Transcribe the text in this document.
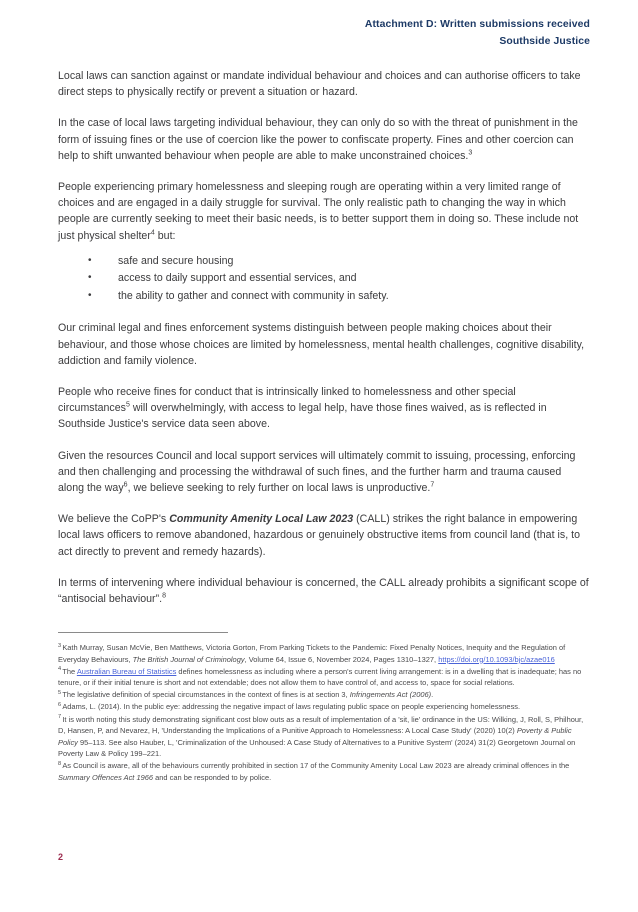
Attachment D: Written submissions received
Southside Justice

Local laws can sanction against or mandate individual behaviour and choices and can authorise officers to take direct steps to physically rectify or prevent a situation or hazard.

In the case of local laws targeting individual behaviour, they can only do so with the threat of punishment in the form of issuing fines or the use of coercion like the power to confiscate property. Fines and other coercion can help to shift unwanted behaviour when people are able to make unconstrained choices.$^3$

People experiencing primary homelessness and sleeping rough are operating within a very limited range of choices and are engaged in a daily struggle for survival. The only realistic path to changing the way in which people are currently seeking to meet their basic needs, is to better support them in doing so. These include not just physical shelter$^4$ but:

• safe and secure housing
• access to daily support and essential services, and
• the ability to gather and connect with community in safety.

Our criminal legal and fines enforcement systems distinguish between people making choices about their behaviour, and those whose choices are limited by homelessness, mental health challenges, cognitive disability, addiction and family violence.

People who receive fines for conduct that is intrinsically linked to homelessness and other special circumstances$^5$ will overwhelmingly, with access to legal help, have those fines waived, as is reflected in Southside Justice's service data seen above.

Given the resources Council and local support services will ultimately commit to issuing, processing, enforcing and then challenging and processing the withdrawal of such fines, and the further harm and trauma caused along the way$^6$, we believe seeking to rely further on local laws is unproductive.$^7$

We believe the CoPP's Community Amenity Local Law 2023 (CALL) strikes the right balance in empowering local laws officers to remove abandoned, hazardous or genuinely obstructive items from council land (that is, to act directly to prevent and remedy hazards).

In terms of intervening where individual behaviour is concerned, the CALL already prohibits a significant scope of “antisocial behaviour”.$^8$

$^3$Kath Murray, Susan McVie, Ben Matthews, Victoria Gorton, From Parking Tickets to the Pandemic: Fixed Penalty Notices, Inequity and the Regulation of Everyday Behaviours, The British Journal of Criminology, Volume 64, Issue 6, November 2024, Pages 1310–1327, https://doi.org/10.1093/bjc/azae016

$^4$The Australian Bureau of Statistics defines homelessness as including where a person's current living arrangement: is in a dwelling that is inadequate; has no tenure, or if their initial tenure is short and not extendable; does not allow them to have control of, and access to, space for social relations.

$^5$The legislative definition of special circumstances in the context of fines is at section 3, Infringements Act (2006).

$^6$Adams, L. (2014). In the public eye: addressing the negative impact of laws regulating public space on people experiencing homelessness.

$^7$It is worth noting this study demonstrating significant cost blow outs as a result of implementation of a 'sit, lie' ordinance in the US: Wilking, J, Roll, S, Philhour, D, Hansen, P, and Nevarez, H, 'Understanding the Implications of a Punitive Approach to Homelessness: A Local Case Study' (2020) 10(2) Poverty & Public Policy 95–113. See also Hauber, L, 'Criminalization of the Unhoused: A Case Study of Alternatives to a Punitive System' (2024) 31(2) Georgetown Journal on Poverty Law & Policy 199–221.

$^8$As Council is aware, all of the behaviours currently prohibited in section 17 of the Community Amenity Local Law 2023 are already criminal offences in the Summary Offences Act 1966 and can be responded to by police.

2
